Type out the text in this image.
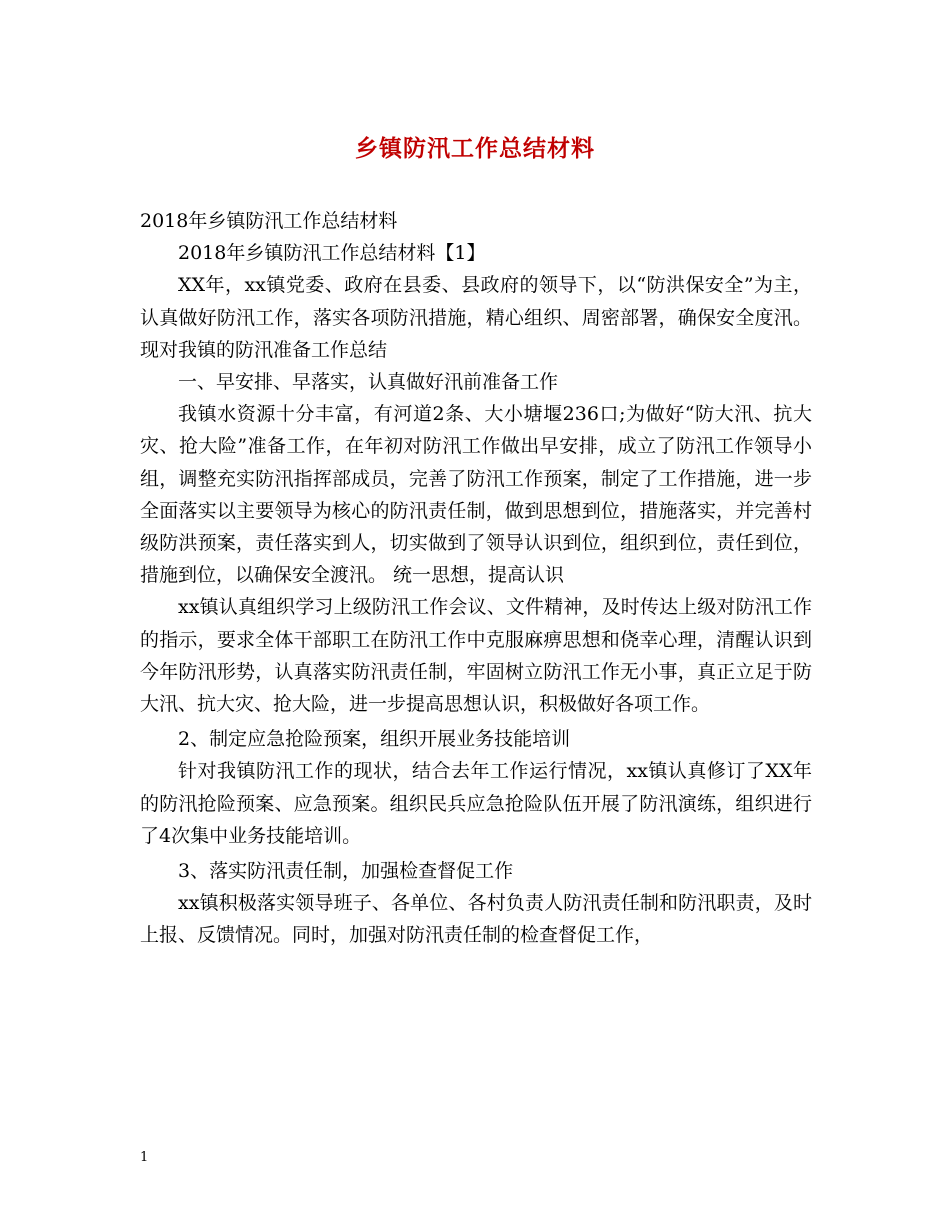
乡镇防汛工作总结材料

2018年乡镇防汛工作总结材料

2018年乡镇防汛工作总结材料【1】

XX年，xx镇党委、政府在县委、县政府的领导下，以“防洪保安全”为主，认真做好防汛工作，落实各项防汛措施，精心组织、周密部署，确保安全度汛。现对我镇的防汛准备工作总结

一、早安排、早落实，认真做好汛前准备工作

我镇水资源十分丰富，有河道2条、大小塘堰236口;为做好“防大汛、抗大灾、抢大险”准备工作，在年初对防汛工作做出早安排，成立了防汛工作领导小组，调整充实防汛指挥部成员，完善了防汛工作预案，制定了工作措施，进一步全面落实以主要领导为核心的防汛责任制，做到思想到位，措施落实，并完善村级防洪预案，责任落实到人，切实做到了领导认识到位，组织到位，责任到位，措施到位，以确保安全渡汛。 统一思想，提高认识

xx镇认真组织学习上级防汛工作会议、文件精神，及时传达上级对防汛工作的指示，要求全体干部职工在防汛工作中克服麻痹思想和侥幸心理，清醒认识到今年防汛形势，认真落实防汛责任制，牢固树立防汛工作无小事，真正立足于防大汛、抗大灾、抢大险，进一步提高思想认识，积极做好各项工作。

2、制定应急抢险预案，组织开展业务技能培训

针对我镇防汛工作的现状，结合去年工作运行情况，xx镇认真修订了XX年的防汛抢险预案、应急预案。组织民兵应急抢险队伍开展了防汛演练，组织进行了4次集中业务技能培训。

3、落实防汛责任制，加强检查督促工作

xx镇积极落实领导班子、各单位、各村负责人防汛责任制和防汛职责，及时上报、反馈情况。同时，加强对防汛责任制的检查督促工作，

1
